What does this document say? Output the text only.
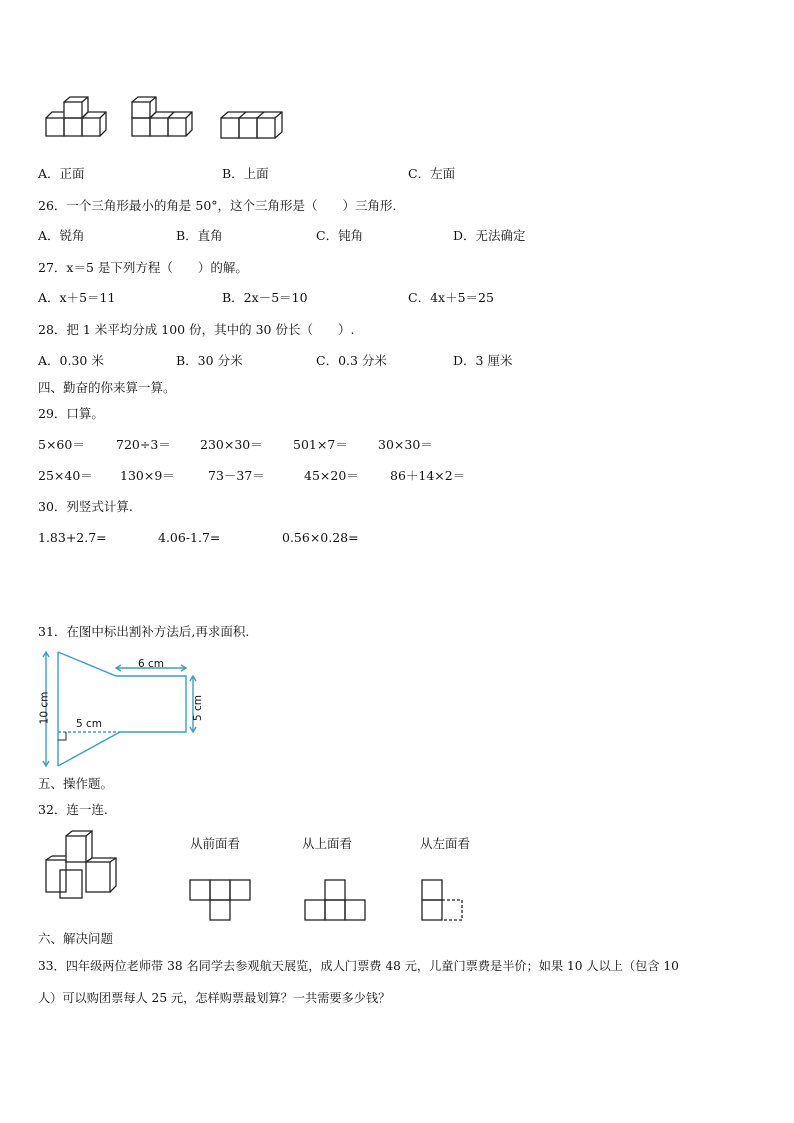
A．正面	B．上面	C．左面
26．一个三角形最小的角是 50°，这个三角形是（　　）三角形．
A．锐角	B．直角	C．钝角	D．无法确定
27．x＝5 是下列方程（　　）的解。
A．x＋5＝11	B．2x－5＝10	C．4x＋5＝25
28．把 1 米平均分成 100 份，其中的 30 份长（　　）.
A．0.30 米	B．30 分米	C．0.3 分米	D．3 厘米
四、勤奋的你来算一算。
29．口算。
5×60＝ 720÷3＝ 230×30＝ 501×7＝ 30×30＝
25×40＝ 130×9＝	73－37＝	45×20＝ 86＋14×2＝
30．列竖式计算.
1.83+2.7=	4.06-1.7=	0.56×0.28=
31．在图中标出割补方法后,再求面积.
6 cm
5 cm
10 cm 5 cm
五、操作题。
32．连一连.
从前面看	从上面看	从左面看
六、解决问题
33．四年级两位老师带 38 名同学去参观航天展览，成人门票费 48 元，儿童门票费是半价；如果 10 人以上（包含 10
人）可以购团票每人 25 元，怎样购票最划算？一共需要多少钱？
